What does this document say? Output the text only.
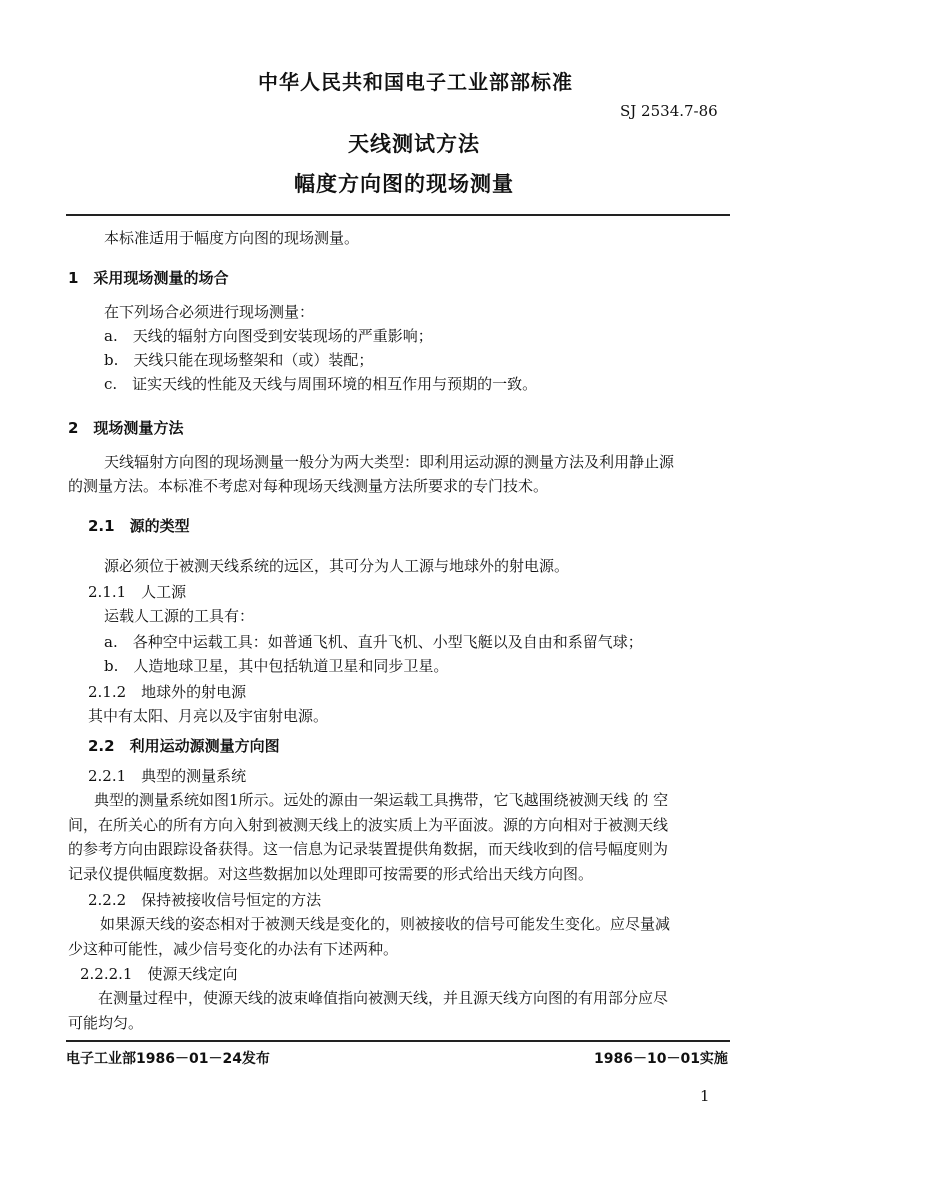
中华人民共和国电子工业部部标准
SJ 2534.7-86
天线测试方法
幅度方向图的现场测量
本标准适用于幅度方向图的现场测量。
1　采用现场测量的场合
在下列场合必须进行现场测量：
a.　天线的辐射方向图受到安装现场的严重影响；
b.　天线只能在现场整架和（或）装配；
c.　证实天线的性能及天线与周围环境的相互作用与预期的一致。
2　现场测量方法
天线辐射方向图的现场测量一般分为两大类型：即利用运动源的测量方法及利用静止源
的测量方法。本标准不考虑对每种现场天线测量方法所要求的专门技术。
2.1　源的类型
源必须位于被测天线系统的远区，其可分为人工源与地球外的射电源。
2.1.1　人工源
运载人工源的工具有：
a.　各种空中运载工具：如普通飞机、直升飞机、小型飞艇以及自由和系留气球；
b.　人造地球卫星，其中包括轨道卫星和同步卫星。
2.1.2　地球外的射电源
其中有太阳、月亮以及宇宙射电源。
2.2　利用运动源测量方向图
2.2.1　典型的测量系统
典型的测量系统如图1所示。远处的源由一架运载工具携带，它飞越围绕被测天线 的 空
间，在所关心的所有方向入射到被测天线上的波实质上为平面波。源的方向相对于被测天线
的参考方向由跟踪设备获得。这一信息为记录装置提供角数据，而天线收到的信号幅度则为
记录仪提供幅度数据。对这些数据加以处理即可按需要的形式给出天线方向图。
2.2.2　保持被接收信号恒定的方法
如果源天线的姿态相对于被测天线是变化的，则被接收的信号可能发生变化。应尽量减
少这种可能性，减少信号变化的办法有下述两种。
2.2.2.1　使源天线定向
在测量过程中，使源天线的波束峰值指向被测天线，并且源天线方向图的有用部分应尽
可能均匀。
电子工业部1986－01－24发布	1986－10－01实施
1
